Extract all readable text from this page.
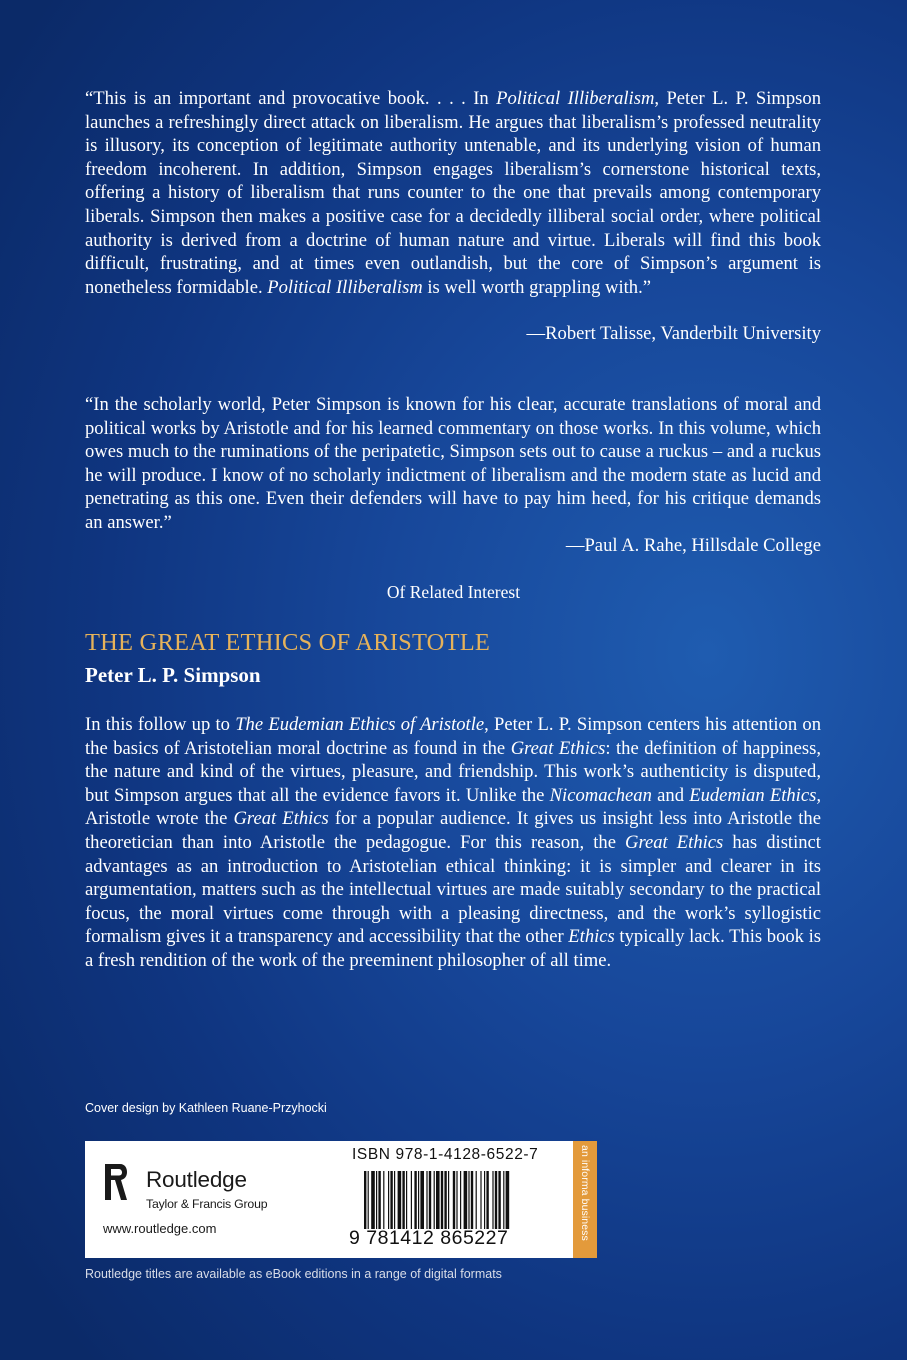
“This is an important and provocative book. . . . In Political Illiberalism, Peter L. P. Simpson launches a refreshingly direct attack on liberalism. He argues that liberalism’s professed neutrality is illusory, its conception of legitimate authority untenable, and its underlying vision of human freedom incoherent. In addition, Simpson engages liberalism’s cornerstone historical texts, offering a history of liberalism that runs counter to the one that prevails among contemporary liberals. Simpson then makes a positive case for a decidedly illiberal social order, where political authority is derived from a doctrine of human nature and virtue. Liberals will find this book difficult, frustrating, and at times even outlandish, but the core of Simpson’s argument is nonetheless formidable. Political Illiberalism is well worth grappling with.”

—Robert Talisse, Vanderbilt University

“In the scholarly world, Peter Simpson is known for his clear, accurate translations of moral and political works by Aristotle and for his learned commentary on those works. In this volume, which owes much to the ruminations of the peripatetic, Simpson sets out to cause a ruckus – and a ruckus he will produce. I know of no scholarly indictment of liberalism and the modern state as lucid and penetrating as this one. Even their defenders will have to pay him heed, for his critique demands an answer.”

—Paul A. Rahe, Hillsdale College

Of Related Interest

THE GREAT ETHICS OF ARISTOTLE

Peter L. P. Simpson

In this follow up to The Eudemian Ethics of Aristotle, Peter L. P. Simpson centers his attention on the basics of Aristotelian moral doctrine as found in the Great Ethics: the definition of happiness, the nature and kind of the virtues, pleasure, and friendship. This work’s authenticity is disputed, but Simpson argues that all the evidence favors it. Unlike the Nicomachean and Eudemian Ethics, Aristotle wrote the Great Ethics for a popular audience. It gives us insight less into Aristotle the theoretician than into Aristotle the pedagogue. For this reason, the Great Ethics has distinct advantages as an introduction to Aristotelian ethical thinking: it is simpler and clearer in its argumentation, matters such as the intellectual virtues are made suitably secondary to the practical focus, the moral virtues come through with a pleasing directness, and the work’s syllogistic formalism gives it a transparency and accessibility that the other Ethics typically lack. This book is a fresh rendition of the work of the preeminent philosopher of all time.

Cover design by Kathleen Ruane-Przyhocki

Routledge

Taylor & Francis Group

www.routledge.com

ISBN 978-1-4128-6522-7

9 781412 865227	an informa business

Routledge titles are available as eBook editions in a range of digital formats
